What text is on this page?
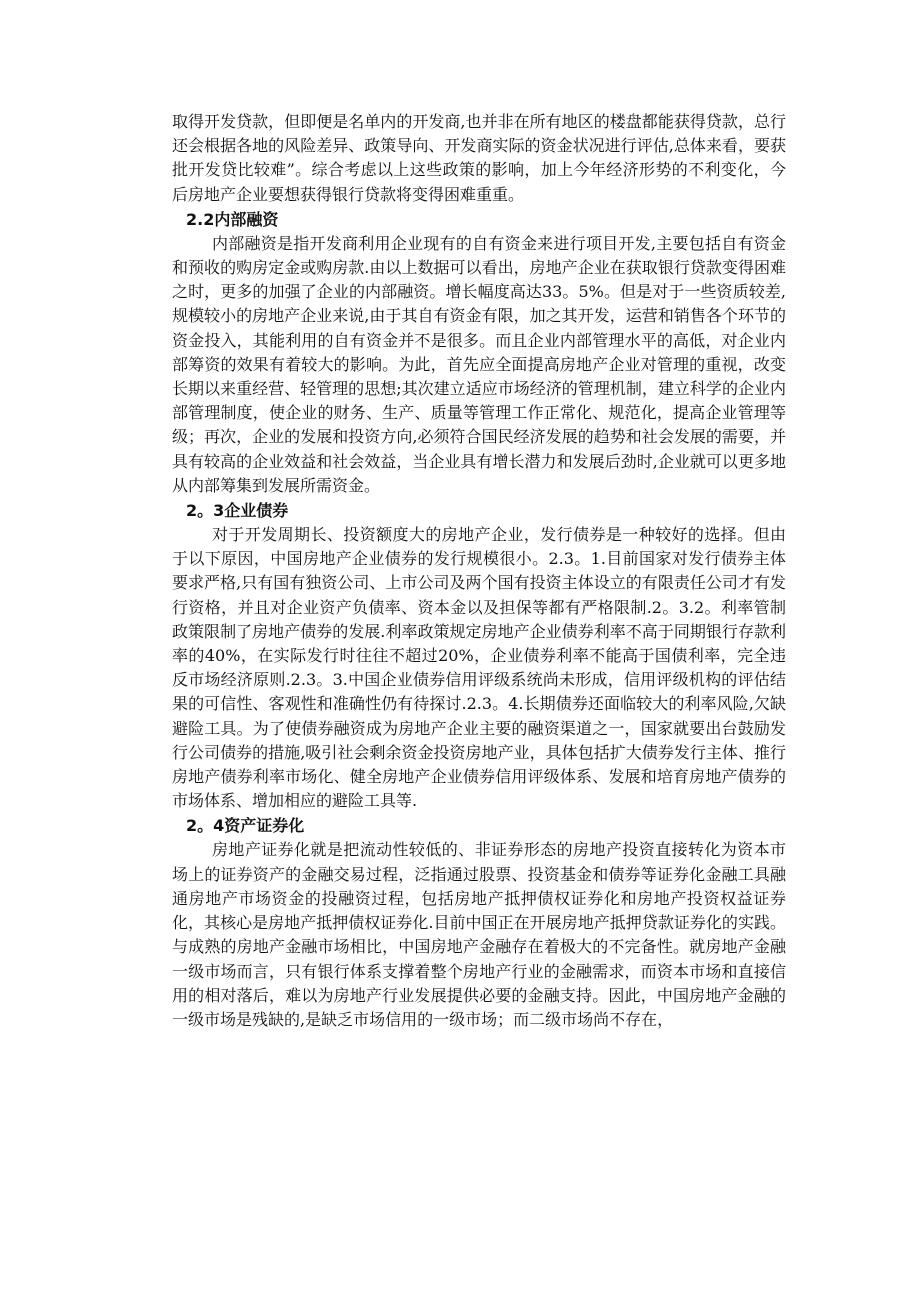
取得开发贷款，但即便是名单内的开发商,也并非在所有地区的楼盘都能获得贷款，总行还会根据各地的风险差异、政策导向、开发商实际的资金状况进行评估,总体来看，要获批开发贷比较难”。综合考虑以上这些政策的影响，加上今年经济形势的不利变化，今后房地产企业要想获得银行贷款将变得困难重重。

2.2内部融资

内部融资是指开发商利用企业现有的自有资金来进行项目开发,主要包括自有资金和预收的购房定金或购房款.由以上数据可以看出，房地产企业在获取银行贷款变得困难之时，更多的加强了企业的内部融资。增长幅度高达33。5%。但是对于一些资质较差,规模较小的房地产企业来说,由于其自有资金有限，加之其开发，运营和销售各个环节的资金投入，其能利用的自有资金并不是很多。而且企业内部管理水平的高低，对企业内部筹资的效果有着较大的影响。为此，首先应全面提高房地产企业对管理的重视，改变长期以来重经营、轻管理的思想;其次建立适应市场经济的管理机制，建立科学的企业内部管理制度，使企业的财务、生产、质量等管理工作正常化、规范化，提高企业管理等级；再次，企业的发展和投资方向,必须符合国民经济发展的趋势和社会发展的需要，并具有较高的企业效益和社会效益，当企业具有增长潜力和发展后劲时,企业就可以更多地从内部筹集到发展所需资金。

2。3企业债券

对于开发周期长、投资额度大的房地产企业，发行债券是一种较好的选择。但由于以下原因，中国房地产企业债券的发行规模很小。2.3。1.目前国家对发行债券主体要求严格,只有国有独资公司、上市公司及两个国有投资主体设立的有限责任公司才有发行资格，并且对企业资产负债率、资本金以及担保等都有严格限制.2。3.2。利率管制政策限制了房地产债券的发展.利率政策规定房地产企业债券利率不高于同期银行存款利率的40%，在实际发行时往往不超过20%，企业债券利率不能高于国债利率，完全违反市场经济原则.2.3。3.中国企业债券信用评级系统尚未形成，信用评级机构的评估结果的可信性、客观性和准确性仍有待探讨.2.3。4.长期债券还面临较大的利率风险,欠缺避险工具。为了使债券融资成为房地产企业主要的融资渠道之一，国家就要出台鼓励发行公司债券的措施,吸引社会剩余资金投资房地产业，具体包括扩大债券发行主体、推行房地产债券利率市场化、健全房地产企业债券信用评级体系、发展和培育房地产债券的市场体系、增加相应的避险工具等.

2。4资产证券化

房地产证券化就是把流动性较低的、非证券形态的房地产投资直接转化为资本市场上的证券资产的金融交易过程，泛指通过股票、投资基金和债券等证券化金融工具融通房地产市场资金的投融资过程，包括房地产抵押债权证券化和房地产投资权益证券化，其核心是房地产抵押债权证券化.目前中国正在开展房地产抵押贷款证券化的实践。与成熟的房地产金融市场相比，中国房地产金融存在着极大的不完备性。就房地产金融一级市场而言，只有银行体系支撑着整个房地产行业的金融需求，而资本市场和直接信用的相对落后，难以为房地产行业发展提供必要的金融支持。因此，中国房地产金融的一级市场是残缺的,是缺乏市场信用的一级市场；而二级市场尚不存在，
